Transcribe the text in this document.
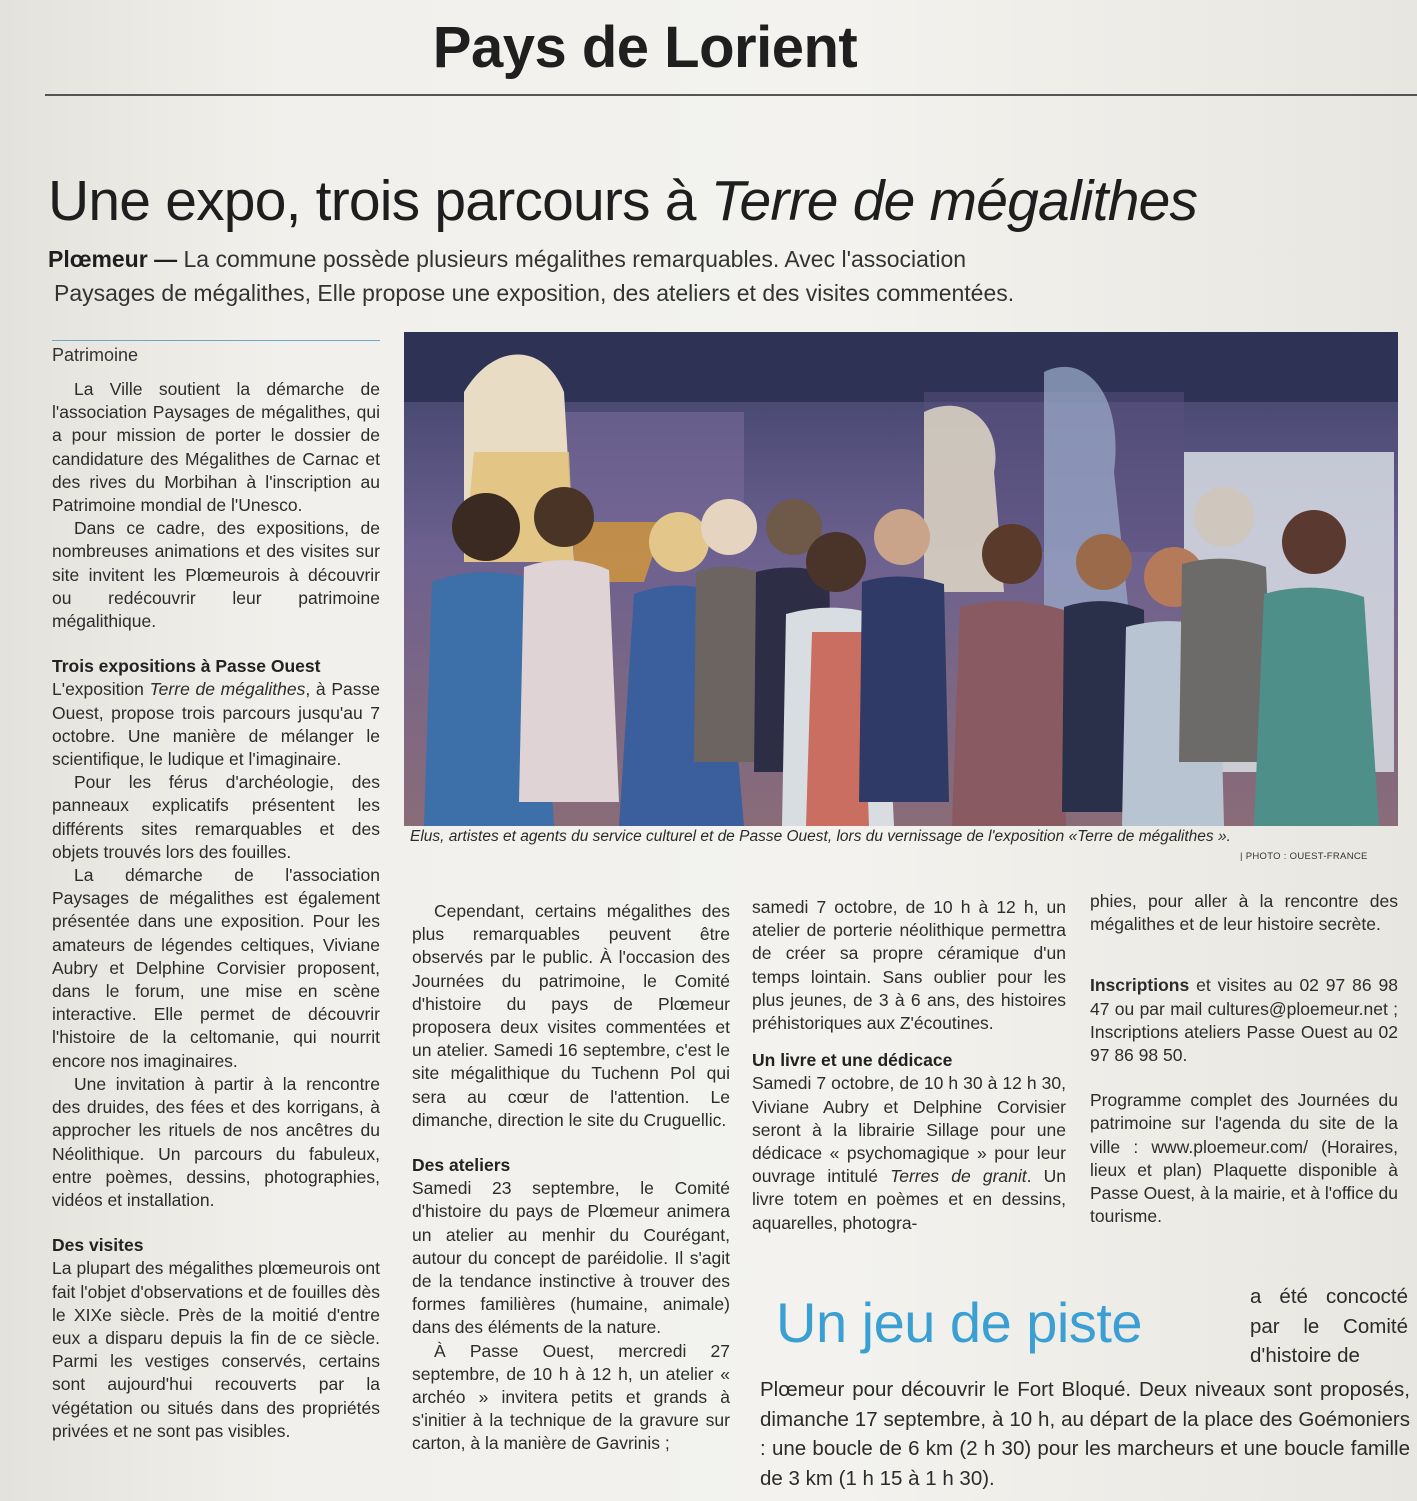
Pays de Lorient
Une expo, trois parcours à Terre de mégalithes
Plœmeur — La commune possède plusieurs mégalithes remarquables. Avec l'association
Paysages de mégalithes, Elle propose une exposition, des ateliers et des visites commentées.
Patrimoine

La Ville soutient la démarche de l'association Paysages de mégalithes, qui a pour mission de porter le dossier de candidature des Mégalithes de Carnac et des rives du Morbihan à l'inscription au Patrimoine mondial de l'Unesco.

Dans ce cadre, des expositions, de nombreuses animations et des visites sur site invitent les Plœmeurois à découvrir ou redécouvrir leur patrimoine mégalithique.

Trois expositions à Passe Ouest

L'exposition Terre de mégalithes, à Passe Ouest, propose trois parcours jusqu'au 7 octobre. Une manière de mélanger le scientifique, le ludique et l'imaginaire.

Pour les férus d'archéologie, des panneaux explicatifs présentent les différents sites remarquables et des objets trouvés lors des fouilles.

La démarche de l'association Paysages de mégalithes est également présentée dans une exposition. Pour les amateurs de légendes celtiques, Viviane Aubry et Delphine Corvisier proposent, dans le forum, une mise en scène interactive. Elle permet de découvrir l'histoire de la celtomanie, qui nourrit encore nos imaginaires.

Une invitation à partir à la rencontre des druides, des fées et des korrigans, à approcher les rituels de nos ancêtres du Néolithique. Un parcours du fabuleux, entre poèmes, dessins, photographies, vidéos et installation.

Des visites

La plupart des mégalithes plœmeurois ont fait l'objet d'observations et de fouilles dès le XIXe siècle. Près de la moitié d'entre eux a disparu depuis la fin de ce siècle. Parmi les vestiges conservés, certains sont aujourd'hui recouverts par la végétation ou situés dans des propriétés privées et ne sont pas visibles.

Elus, artistes et agents du service culturel et de Passe Ouest, lors du vernissage de l'exposition «Terre de mégalithes ».
| PHOTO : OUEST-FRANCE

Cependant, certains mégalithes des plus remarquables peuvent être observés par le public. À l'occasion des Journées du patrimoine, le Comité d'histoire du pays de Plœmeur proposera deux visites commentées et un atelier. Samedi 16 septembre, c'est le site mégalithique du Tuchenn Pol qui sera au cœur de l'attention. Le dimanche, direction le site du Cruguellic.

Des ateliers

Samedi 23 septembre, le Comité d'histoire du pays de Plœmeur animera un atelier au menhir du Courégant, autour du concept de paréidolie. Il s'agit de la tendance instinctive à trouver des formes familières (humaine, animale) dans des éléments de la nature.

À Passe Ouest, mercredi 27 septembre, de 10 h à 12 h, un atelier « archéo » invitera petits et grands à s'initier à la technique de la gravure sur carton, à la manière de Gavrinis ;

samedi 7 octobre, de 10 h à 12 h, un atelier de porterie néolithique permettra de créer sa propre céramique d'un temps lointain. Sans oublier pour les plus jeunes, de 3 à 6 ans, des histoires préhistoriques aux Z'écoutines.

Un livre et une dédicace

Samedi 7 octobre, de 10 h 30 à 12 h 30, Viviane Aubry et Delphine Corvisier seront à la librairie Sillage pour une dédicace « psychomagique » pour leur ouvrage intitulé Terres de granit. Un livre totem en poèmes et en dessins, aquarelles, photogra-

phies, pour aller à la rencontre des mégalithes et de leur histoire secrète.

Inscriptions et visites au 02 97 86 98 47 ou par mail cultures@ploemeur.net ; Inscriptions ateliers Passe Ouest au 02 97 86 98 50.

Programme complet des Journées du patrimoine sur l'agenda du site de la ville : www.ploemeur.com/ (Horaires, lieux et plan) Plaquette disponible à Passe Ouest, à la mairie, et à l'office du tourisme.

Un jeu de piste	a été concocté par le Comité d'histoire de
Plœmeur pour découvrir le Fort Bloqué. Deux niveaux sont proposés, dimanche 17 septembre, à 10 h, au départ de la place des Goémoniers : une boucle de 6 km (2 h 30) pour les marcheurs et une boucle famille de 3 km (1 h 15 à 1 h 30).
